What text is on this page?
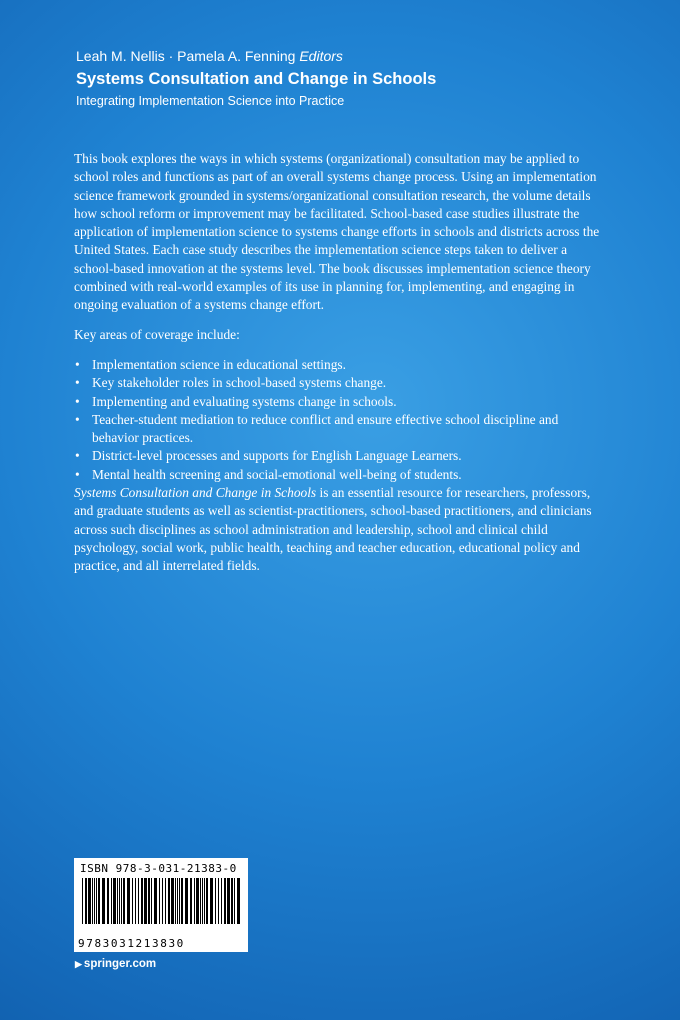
Leah M. Nellis · Pamela A. Fenning Editors
Systems Consultation and Change in Schools
Integrating Implementation Science into Practice

This book explores the ways in which systems (organizational) consultation may be applied to school roles and functions as part of an overall systems change process. Using an implementation science framework grounded in systems/organizational consultation research, the volume details how school reform or improvement may be facilitated. School-based case studies illustrate the application of implementation science to systems change efforts in schools and districts across the United States. Each case study describes the implementation science steps taken to deliver a school-based innovation at the systems level. The book discusses implementation science theory combined with real-world examples of its use in planning for, implementing, and engaging in ongoing evaluation of a systems change effort.

Key areas of coverage include:

• Implementation science in educational settings.
• Key stakeholder roles in school-based systems change.
• Implementing and evaluating systems change in schools.
• Teacher-student mediation to reduce conflict and ensure effective school discipline and behavior practices.
• District-level processes and supports for English Language Learners.
• Mental health screening and social-emotional well-being of students.

Systems Consultation and Change in Schools is an essential resource for researchers, professors, and graduate students as well as scientist-practitioners, school-based practitioners, and clinicians across such disciplines as school administration and leadership, school and clinical child psychology, social work, public health, teaching and teacher education, educational policy and practice, and all interrelated fields.

ISBN 978-3-031-21383-0
9783031213830
▶ springer.com
